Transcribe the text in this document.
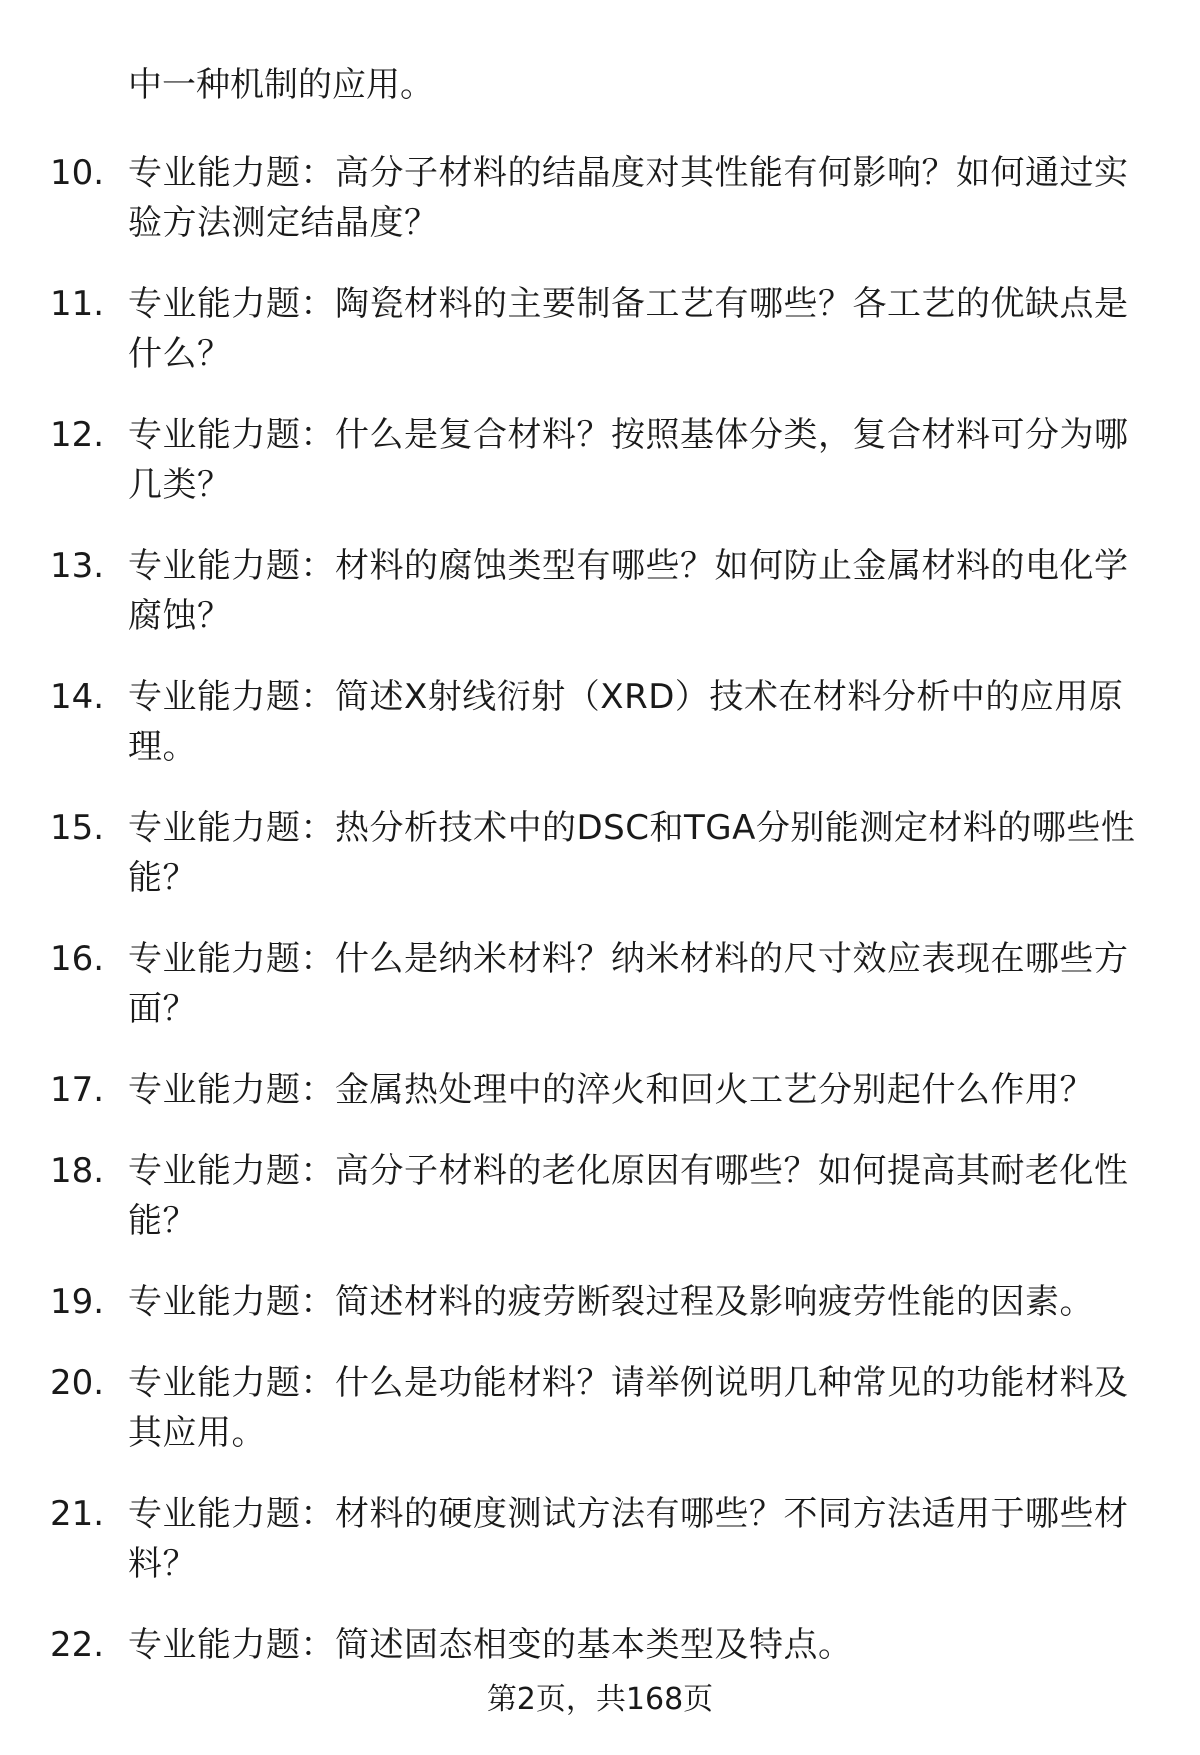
中一种机制的应用。
10. 专业能力题：高分子材料的结晶度对其性能有何影响？如何通过实验方法测定结晶度？
11. 专业能力题：陶瓷材料的主要制备工艺有哪些？各工艺的优缺点是什么？
12. 专业能力题：什么是复合材料？按照基体分类，复合材料可分为哪几类？
13. 专业能力题：材料的腐蚀类型有哪些？如何防止金属材料的电化学腐蚀？
14. 专业能力题：简述X射线衍射（XRD）技术在材料分析中的应用原理。
15. 专业能力题：热分析技术中的DSC和TGA分别能测定材料的哪些性能？
16. 专业能力题：什么是纳米材料？纳米材料的尺寸效应表现在哪些方面？
17. 专业能力题：金属热处理中的淬火和回火工艺分别起什么作用？
18. 专业能力题：高分子材料的老化原因有哪些？如何提高其耐老化性能？
19. 专业能力题：简述材料的疲劳断裂过程及影响疲劳性能的因素。
20. 专业能力题：什么是功能材料？请举例说明几种常见的功能材料及其应用。
21. 专业能力题：材料的硬度测试方法有哪些？不同方法适用于哪些材料？
22. 专业能力题：简述固态相变的基本类型及特点。
第2页，共168页
